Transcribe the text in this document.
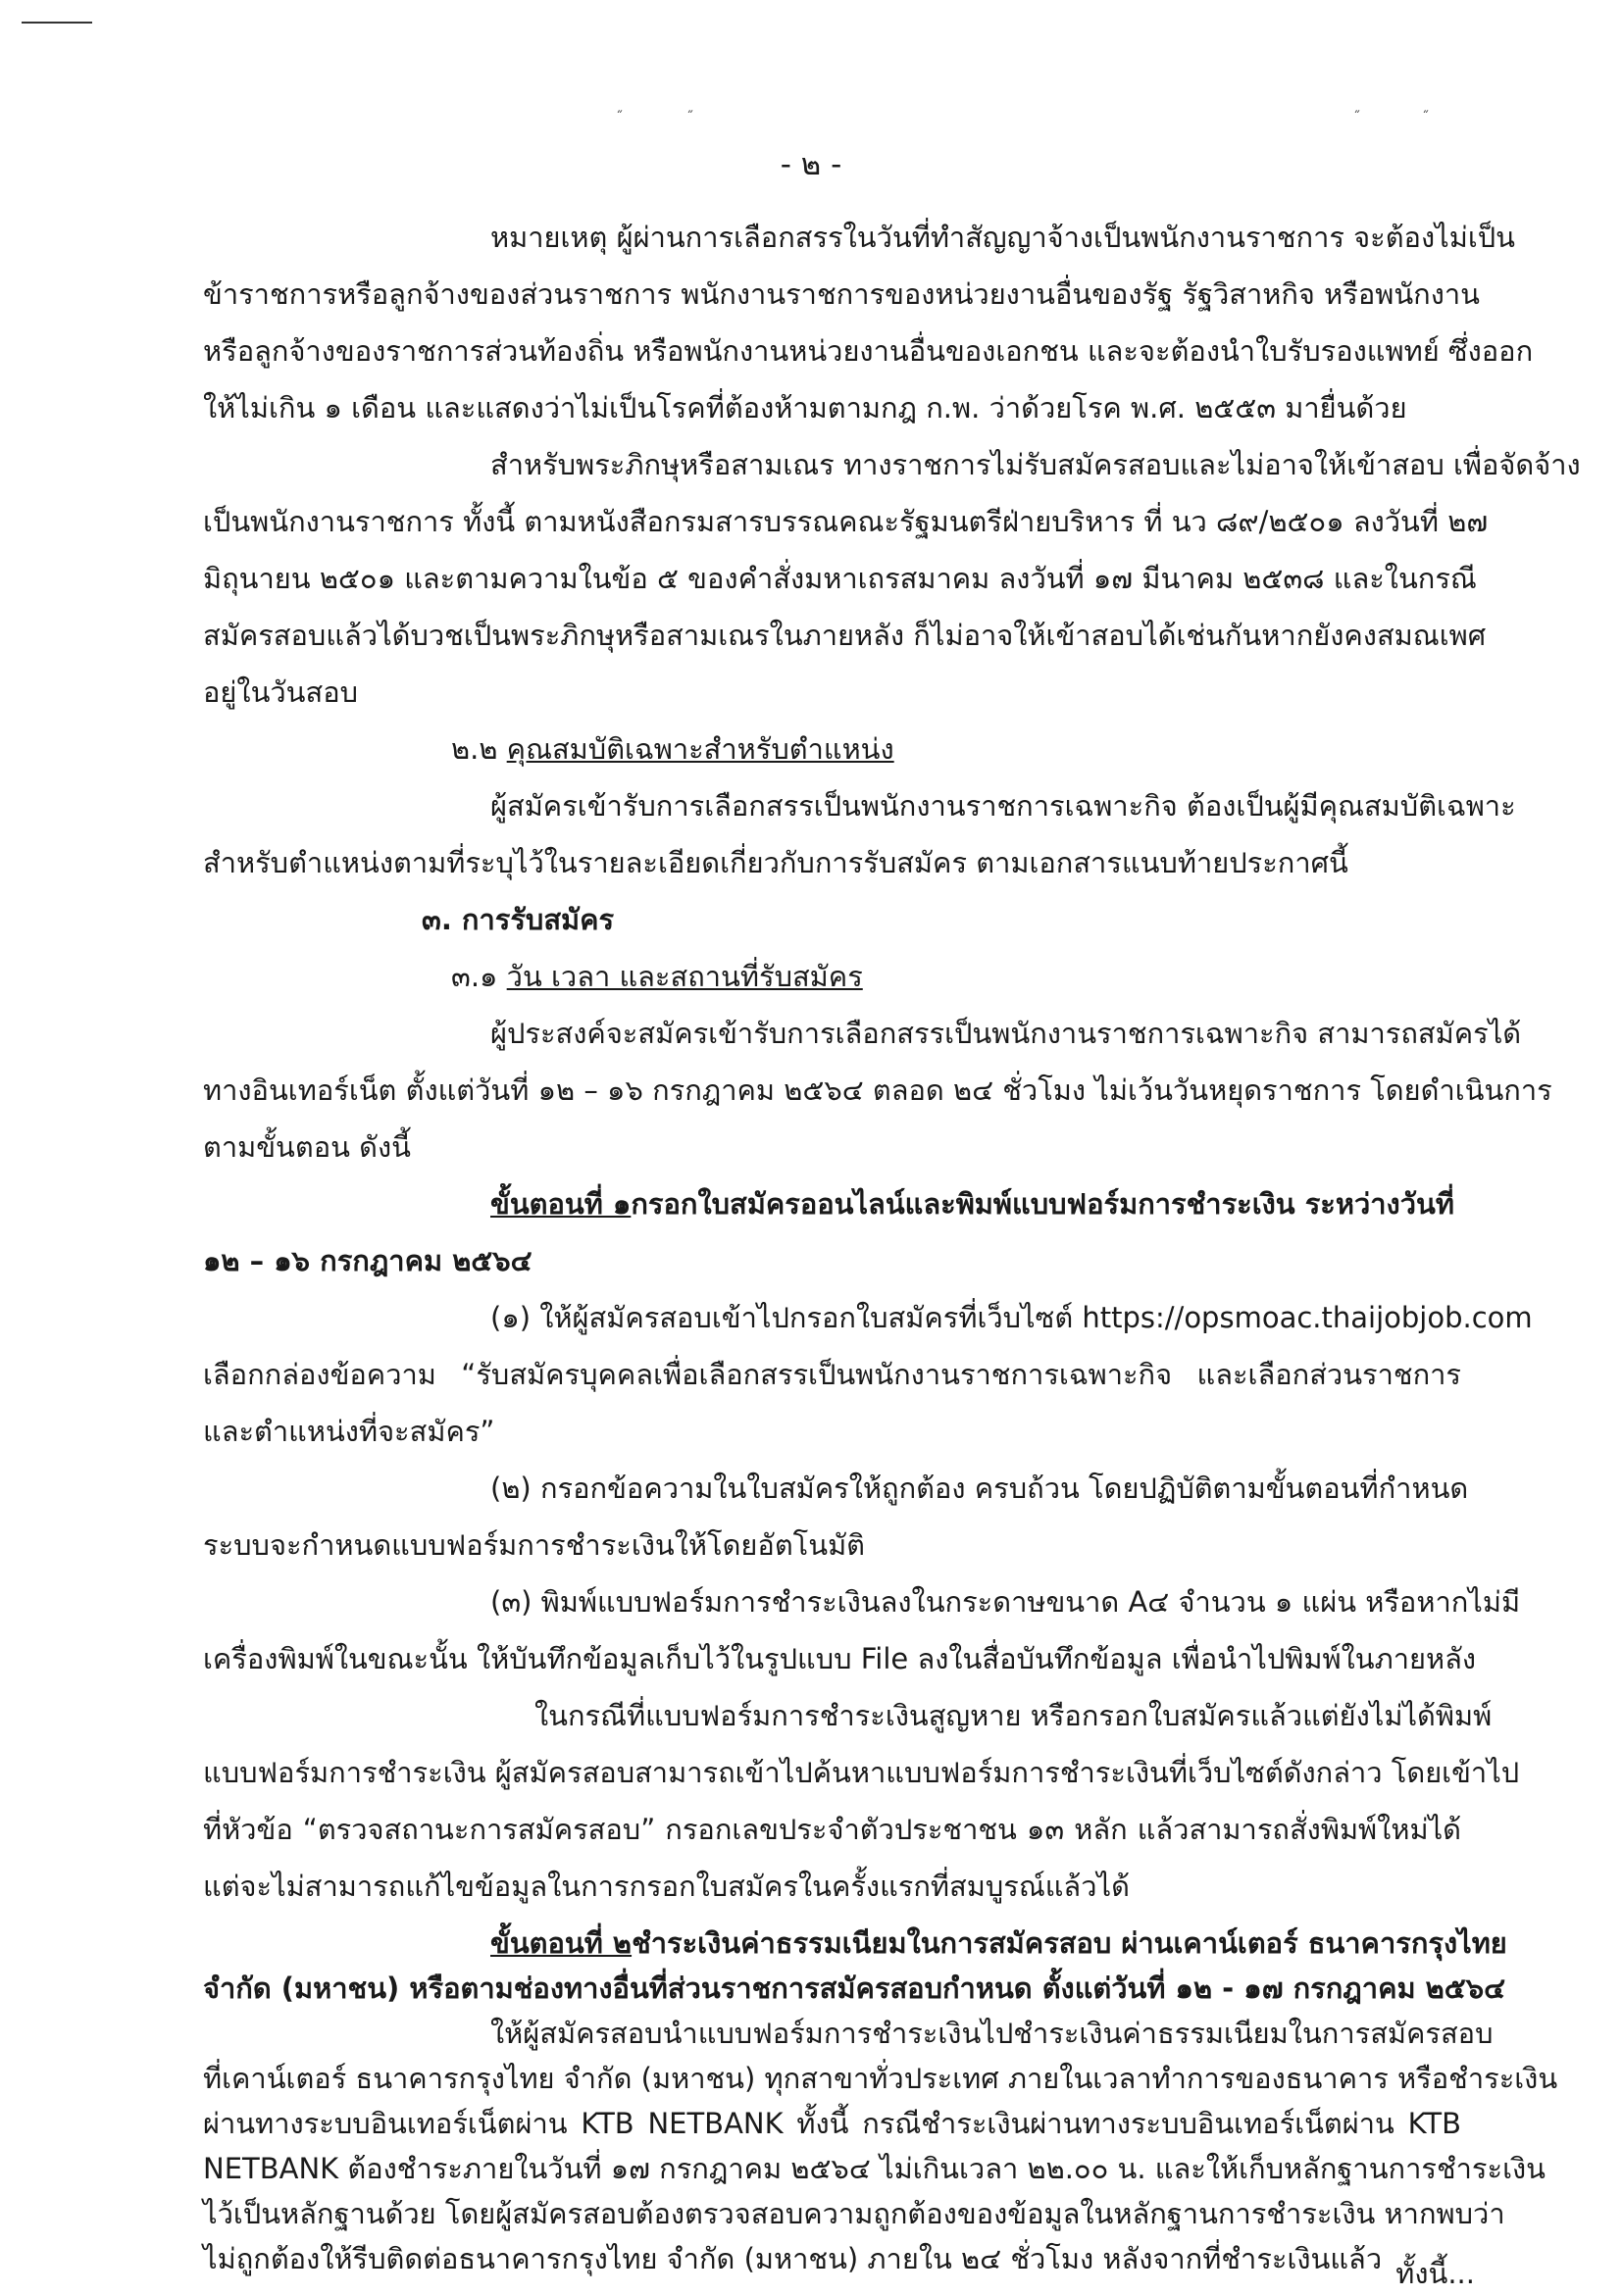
˝	˝	˝	˝
- ๒ -
หมายเหตุ ผู้ผ่านการเลือกสรรในวันที่ทำสัญญาจ้างเป็นพนักงานราชการ จะต้องไม่เป็น
ข้าราชการหรือลูกจ้างของส่วนราชการ พนักงานราชการของหน่วยงานอื่นของรัฐ รัฐวิสาหกิจ หรือพนักงาน
หรือลูกจ้างของราชการส่วนท้องถิ่น หรือพนักงานหน่วยงานอื่นของเอกชน และจะต้องนำใบรับรองแพทย์ ซึ่งออก
ให้ไม่เกิน ๑ เดือน และแสดงว่าไม่เป็นโรคที่ต้องห้ามตามกฎ ก.พ. ว่าด้วยโรค พ.ศ. ๒๕๕๓ มายื่นด้วย
สำหรับพระภิกษุหรือสามเณร ทางราชการไม่รับสมัครสอบและไม่อาจให้เข้าสอบ เพื่อจัดจ้าง
เป็นพนักงานราชการ ทั้งนี้ ตามหนังสือกรมสารบรรณคณะรัฐมนตรีฝ่ายบริหาร ที่ นว ๘๙/๒๕๐๑ ลงวันที่ ๒๗
มิถุนายน ๒๕๐๑ และตามความในข้อ ๕ ของคำสั่งมหาเถรสมาคม ลงวันที่ ๑๗ มีนาคม ๒๕๓๘ และในกรณี
สมัครสอบแล้วได้บวชเป็นพระภิกษุหรือสามเณรในภายหลัง ก็ไม่อาจให้เข้าสอบได้เช่นกันหากยังคงสมณเพศ
อยู่ในวันสอบ
๒.๒ คุณสมบัติเฉพาะสำหรับตำแหน่ง
ผู้สมัครเข้ารับการเลือกสรรเป็นพนักงานราชการเฉพาะกิจ ต้องเป็นผู้มีคุณสมบัติเฉพาะ
สำหรับตำแหน่งตามที่ระบุไว้ในรายละเอียดเกี่ยวกับการรับสมัคร ตามเอกสารแนบท้ายประกาศนี้
๓. การรับสมัคร
๓.๑ วัน เวลา และสถานที่รับสมัคร
ผู้ประสงค์จะสมัครเข้ารับการเลือกสรรเป็นพนักงานราชการเฉพาะกิจ สามารถสมัครได้
ทางอินเทอร์เน็ต ตั้งแต่วันที่ ๑๒ – ๑๖ กรกฎาคม ๒๕๖๔ ตลอด ๒๔ ชั่วโมง ไม่เว้นวันหยุดราชการ โดยดำเนินการ
ตามขั้นตอน ดังนี้
ขั้นตอนที่ ๑กรอกใบสมัครออนไลน์และพิมพ์แบบฟอร์มการชำระเงิน ระหว่างวันที่
๑๒ – ๑๖ กรกฎาคม ๒๕๖๔
(๑) ให้ผู้สมัครสอบเข้าไปกรอกใบสมัครที่เว็บไซต์ https://opsmoac.thaijobjob.com
เลือกกล่องข้อความ “รับสมัครบุคคลเพื่อเลือกสรรเป็นพนักงานราชการเฉพาะกิจ และเลือกส่วนราชการ
และตำแหน่งที่จะสมัคร”
(๒) กรอกข้อความในใบสมัครให้ถูกต้อง ครบถ้วน โดยปฏิบัติตามขั้นตอนที่กำหนด
ระบบจะกำหนดแบบฟอร์มการชำระเงินให้โดยอัตโนมัติ
(๓) พิมพ์แบบฟอร์มการชำระเงินลงในกระดาษขนาด A๔ จำนวน ๑ แผ่น หรือหากไม่มี
เครื่องพิมพ์ในขณะนั้น ให้บันทึกข้อมูลเก็บไว้ในรูปแบบ File ลงในสื่อบันทึกข้อมูล เพื่อนำไปพิมพ์ในภายหลัง
ในกรณีที่แบบฟอร์มการชำระเงินสูญหาย หรือกรอกใบสมัครแล้วแต่ยังไม่ได้พิมพ์
แบบฟอร์มการชำระเงิน ผู้สมัครสอบสามารถเข้าไปค้นหาแบบฟอร์มการชำระเงินที่เว็บไซต์ดังกล่าว โดยเข้าไป
ที่หัวข้อ “ตรวจสถานะการสมัครสอบ” กรอกเลขประจำตัวประชาชน ๑๓ หลัก แล้วสามารถสั่งพิมพ์ใหม่ได้
แต่จะไม่สามารถแก้ไขข้อมูลในการกรอกใบสมัครในครั้งแรกที่สมบูรณ์แล้วได้
ขั้นตอนที่ ๒ชำระเงินค่าธรรมเนียมในการสมัครสอบ ผ่านเคาน์เตอร์ ธนาคารกรุงไทย
จำกัด (มหาชน) หรือตามช่องทางอื่นที่ส่วนราชการสมัครสอบกำหนด ตั้งแต่วันที่ ๑๒ - ๑๗ กรกฎาคม ๒๕๖๔
ให้ผู้สมัครสอบนำแบบฟอร์มการชำระเงินไปชำระเงินค่าธรรมเนียมในการสมัครสอบ
ที่เคาน์เตอร์ ธนาคารกรุงไทย จำกัด (มหาชน) ทุกสาขาทั่วประเทศ ภายในเวลาทำการของธนาคาร หรือชำระเงิน
ผ่านทางระบบอินเทอร์เน็ตผ่าน KTB NETBANK ทั้งนี้ กรณีชำระเงินผ่านทางระบบอินเทอร์เน็ตผ่าน KTB
NETBANK ต้องชำระภายในวันที่ ๑๗ กรกฎาคม ๒๕๖๔ ไม่เกินเวลา ๒๒.๐๐ น. และให้เก็บหลักฐานการชำระเงิน
ไว้เป็นหลักฐานด้วย โดยผู้สมัครสอบต้องตรวจสอบความถูกต้องของข้อมูลในหลักฐานการชำระเงิน หากพบว่า
ไม่ถูกต้องให้รีบติดต่อธนาคารกรุงไทย จำกัด (มหาชน) ภายใน ๒๔ ชั่วโมง หลังจากที่ชำระเงินแล้ว ทั้งนี้...
